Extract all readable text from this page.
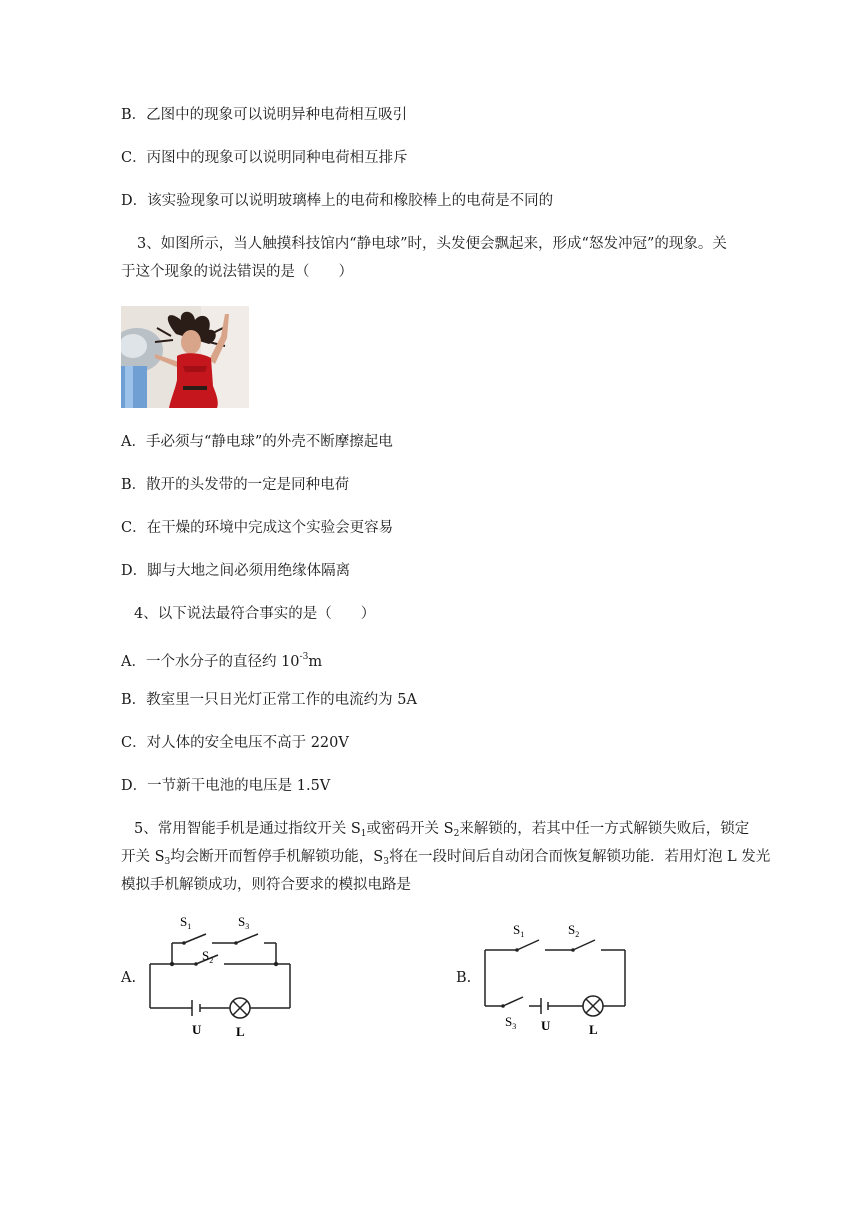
B．乙图中的现象可以说明异种电荷相互吸引
C．丙图中的现象可以说明同种电荷相互排斥
D．该实验现象可以说明玻璃棒上的电荷和橡胶棒上的电荷是不同的
3、如图所示，当人触摸科技馆内“静电球”时，头发便会飘起来，形成“怒发冲冠”的现象。关
于这个现象的说法错误的是（　　）
A．手必须与“静电球”的外壳不断摩擦起电
B．散开的头发带的一定是同种电荷
C．在干燥的环境中完成这个实验会更容易
D．脚与大地之间必须用绝缘体隔离
4、以下说法最符合事实的是（　　）
A．一个水分子的直径约 $10^{-3}m$
B．教室里一只日光灯正常工作的电流约为 5A
C．对人体的安全电压不高于 220V
D．一节新干电池的电压是 1.5V
5、常用智能手机是通过指纹开关 $S_1$或密码开关 $S_2$来解锁的，若其中任一方式解锁失败后，锁定
开关 $S_3$均会断开而暂停手机解锁功能，$S_3$将在一段时间后自动闭合而恢复解锁功能．若用灯泡 L 发光
模拟手机解锁成功，则符合要求的模拟电路是
A.
$S_1$	$S_3$
$S_2$
U	L
B.
$S_1$	$S_2$
$S_3$ U	L
